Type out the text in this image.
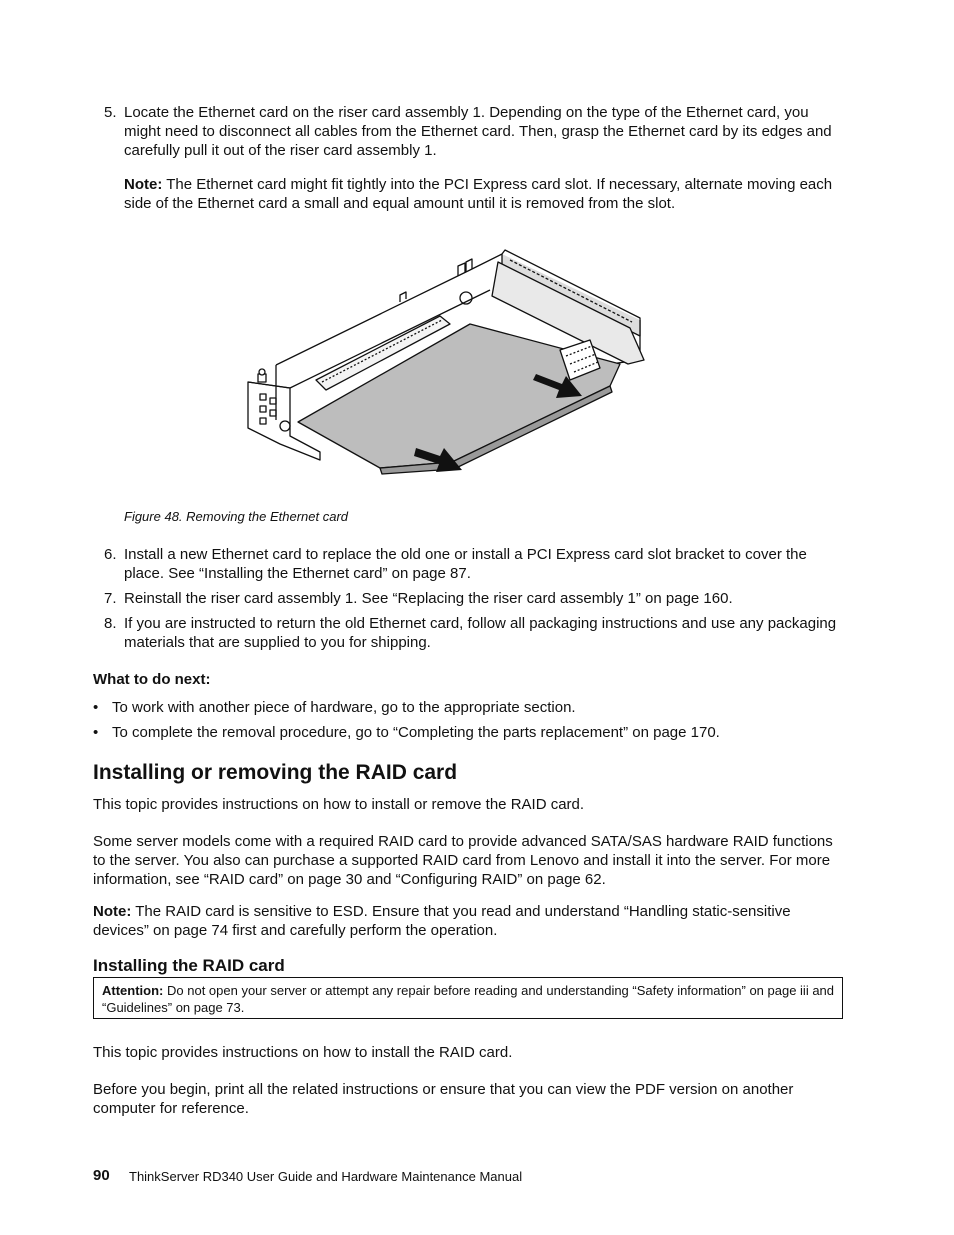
5. Locate the Ethernet card on the riser card assembly 1. Depending on the type of the Ethernet card, you might need to disconnect all cables from the Ethernet card. Then, grasp the Ethernet card by its edges and carefully pull it out of the riser card assembly 1.
Note: The Ethernet card might fit tightly into the PCI Express card slot. If necessary, alternate moving each side of the Ethernet card a small and equal amount until it is removed from the slot.
Figure 48. Removing the Ethernet card
6. Install a new Ethernet card to replace the old one or install a PCI Express card slot bracket to cover the place. See “Installing the Ethernet card” on page 87.
7. Reinstall the riser card assembly 1. See “Replacing the riser card assembly 1” on page 160.
8. If you are instructed to return the old Ethernet card, follow all packaging instructions and use any packaging materials that are supplied to you for shipping.
What to do next:
• To work with another piece of hardware, go to the appropriate section.
• To complete the removal procedure, go to “Completing the parts replacement” on page 170.
Installing or removing the RAID card
This topic provides instructions on how to install or remove the RAID card.
Some server models come with a required RAID card to provide advanced SATA/SAS hardware RAID functions to the server. You also can purchase a supported RAID card from Lenovo and install it into the server. For more information, see “RAID card” on page 30 and “Configuring RAID” on page 62.
Note: The RAID card is sensitive to ESD. Ensure that you read and understand “Handling static-sensitive devices” on page 74 first and carefully perform the operation.
Installing the RAID card
Attention: Do not open your server or attempt any repair before reading and understanding “Safety information” on page iii and “Guidelines” on page 73.
This topic provides instructions on how to install the RAID card.
Before you begin, print all the related instructions or ensure that you can view the PDF version on another computer for reference.
90 ThinkServer RD340 User Guide and Hardware Maintenance Manual
